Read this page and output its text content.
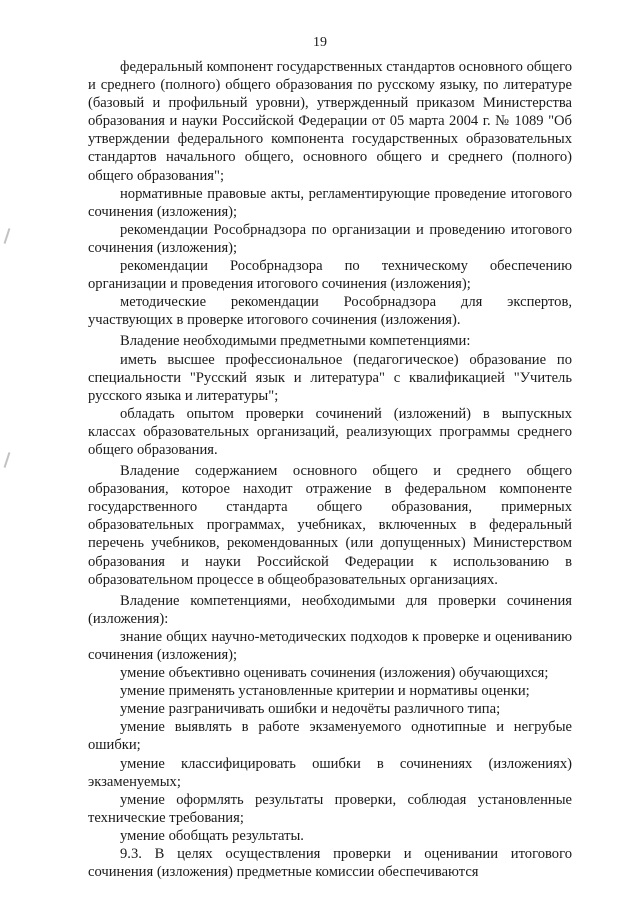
19

федеральный компонент государственных стандартов основного общего и среднего (полного) общего образования по русскому языку, по литературе (базовый и профильный уровни), утвержденный приказом Министерства образования и науки Российской Федерации от 05 марта 2004 г. № 1089 "Об утверждении федерального компонента государственных образовательных стандартов начального общего, основного общего и среднего (полного) общего образования";

нормативные правовые акты, регламентирующие проведение итогового сочинения (изложения);

рекомендации Рособрнадзора по организации и проведению итогового сочинения (изложения);

рекомендации Рособрнадзора по техническому обеспечению организации и проведения итогового сочинения (изложения);

методические рекомендации Рособрнадзора для экспертов, участвующих в проверке итогового сочинения (изложения).

Владение необходимыми предметными компетенциями:

иметь высшее профессиональное (педагогическое) образование по специальности "Русский язык и литература" с квалификацией "Учитель русского языка и литературы";

обладать опытом проверки сочинений (изложений) в выпускных классах образовательных организаций, реализующих программы среднего общего образования.

Владение содержанием основного общего и среднего общего образования, которое находит отражение в федеральном компоненте государственного стандарта общего образования, примерных образовательных программах, учебниках, включенных в федеральный перечень учебников, рекомендованных (или допущенных) Министерством образования и науки Российской Федерации к использованию в образовательном процессе в общеобразовательных организациях.

Владение компетенциями, необходимыми для проверки сочинения (изложения):

знание общих научно-методических подходов к проверке и оцениванию сочинения (изложения);

умение объективно оценивать сочинения (изложения) обучающихся;

умение применять установленные критерии и нормативы оценки;

умение разграничивать ошибки и недочёты различного типа;

умение выявлять в работе экзаменуемого однотипные и негрубые ошибки;

умение классифицировать ошибки в сочинениях (изложениях) экзаменуемых;

умение оформлять результаты проверки, соблюдая установленные технические требования;

умение обобщать результаты.

9.3. В целях осуществления проверки и оценивании итогового сочинения (изложения) предметные комиссии обеспечиваются
